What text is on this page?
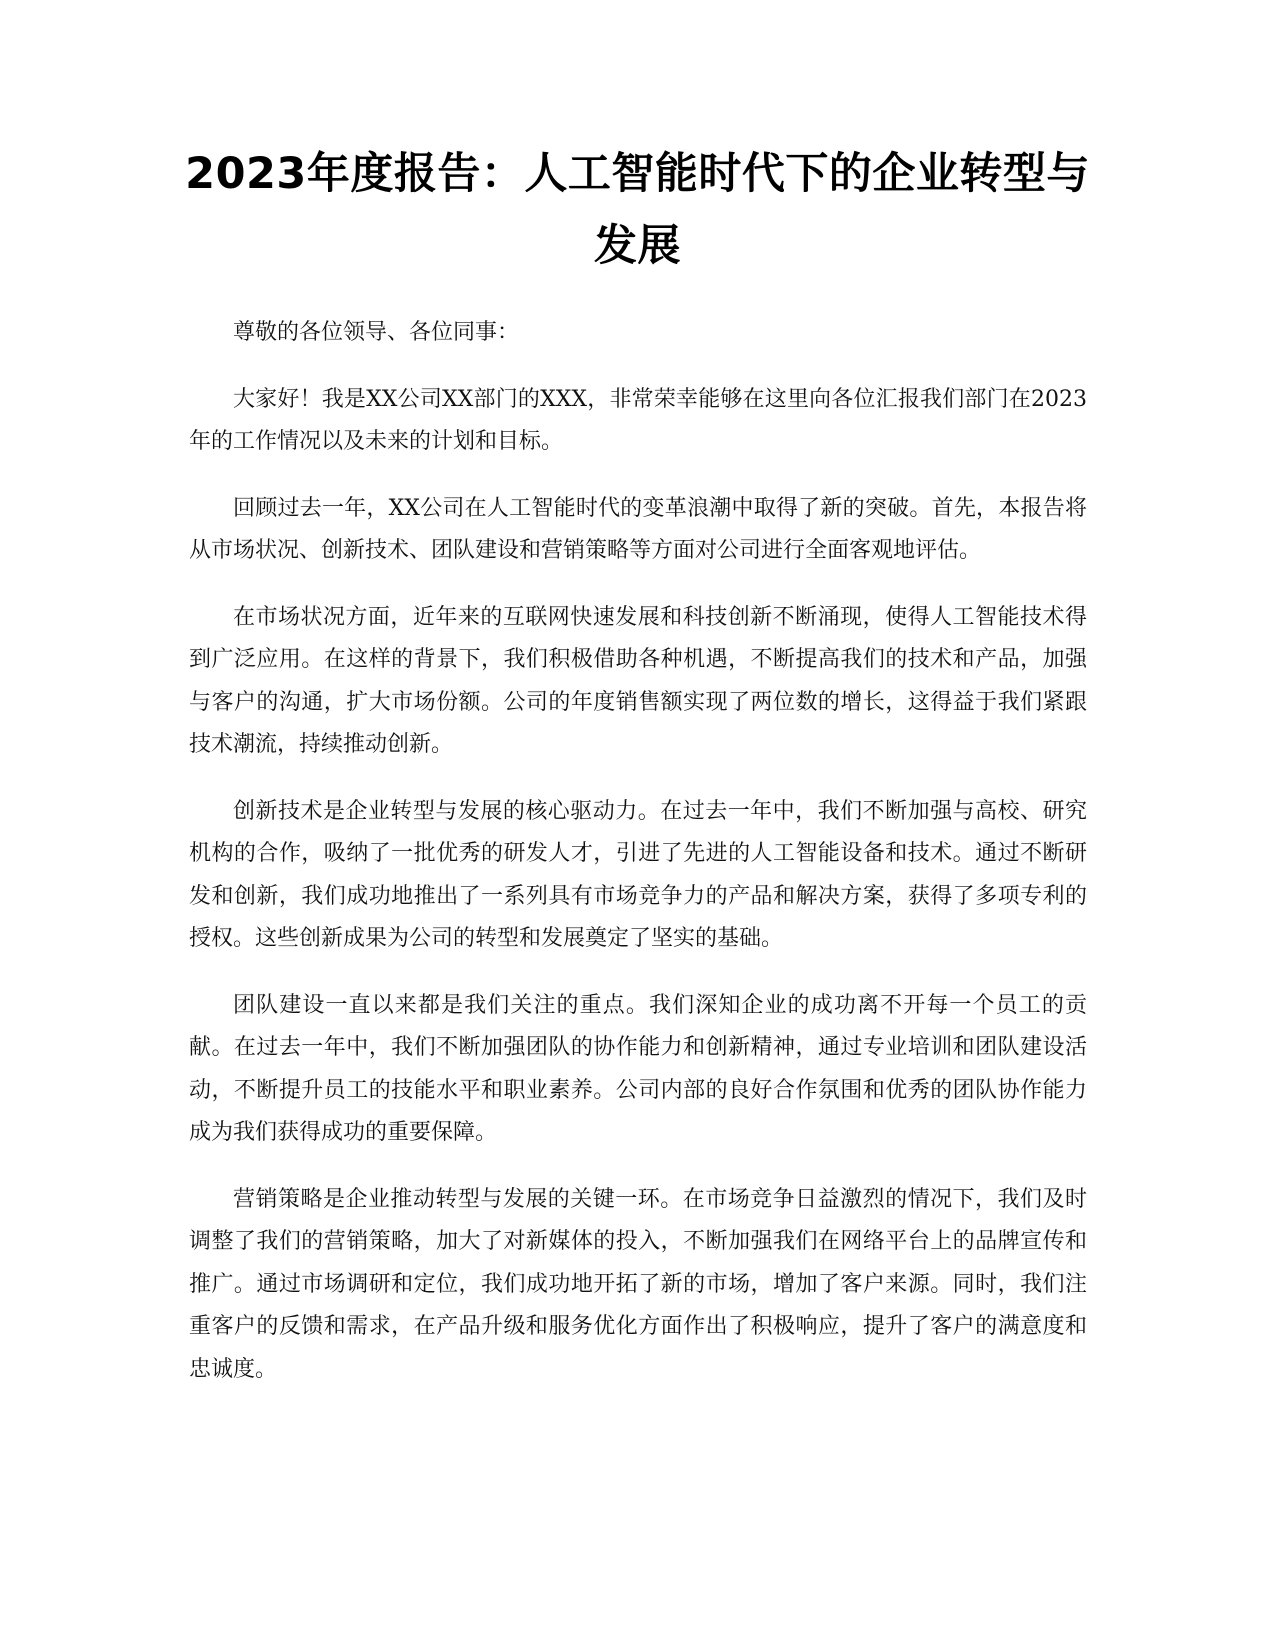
2023年度报告：人工智能时代下的企业转型与发展

尊敬的各位领导、各位同事：

大家好！我是XX公司XX部门的XXX，非常荣幸能够在这里向各位汇报我们部门在2023年的工作情况以及未来的计划和目标。

回顾过去一年，XX公司在人工智能时代的变革浪潮中取得了新的突破。首先，本报告将从市场状况、创新技术、团队建设和营销策略等方面对公司进行全面客观地评估。

在市场状况方面，近年来的互联网快速发展和科技创新不断涌现，使得人工智能技术得到广泛应用。在这样的背景下，我们积极借助各种机遇，不断提高我们的技术和产品，加强与客户的沟通，扩大市场份额。公司的年度销售额实现了两位数的增长，这得益于我们紧跟技术潮流，持续推动创新。

创新技术是企业转型与发展的核心驱动力。在过去一年中，我们不断加强与高校、研究机构的合作，吸纳了一批优秀的研发人才，引进了先进的人工智能设备和技术。通过不断研发和创新，我们成功地推出了一系列具有市场竞争力的产品和解决方案，获得了多项专利的授权。这些创新成果为公司的转型和发展奠定了坚实的基础。

团队建设一直以来都是我们关注的重点。我们深知企业的成功离不开每一个员工的贡献。在过去一年中，我们不断加强团队的协作能力和创新精神，通过专业培训和团队建设活动，不断提升员工的技能水平和职业素养。公司内部的良好合作氛围和优秀的团队协作能力成为我们获得成功的重要保障。

营销策略是企业推动转型与发展的关键一环。在市场竞争日益激烈的情况下，我们及时调整了我们的营销策略，加大了对新媒体的投入，不断加强我们在网络平台上的品牌宣传和推广。通过市场调研和定位，我们成功地开拓了新的市场，增加了客户来源。同时，我们注重客户的反馈和需求，在产品升级和服务优化方面作出了积极响应，提升了客户的满意度和忠诚度。
